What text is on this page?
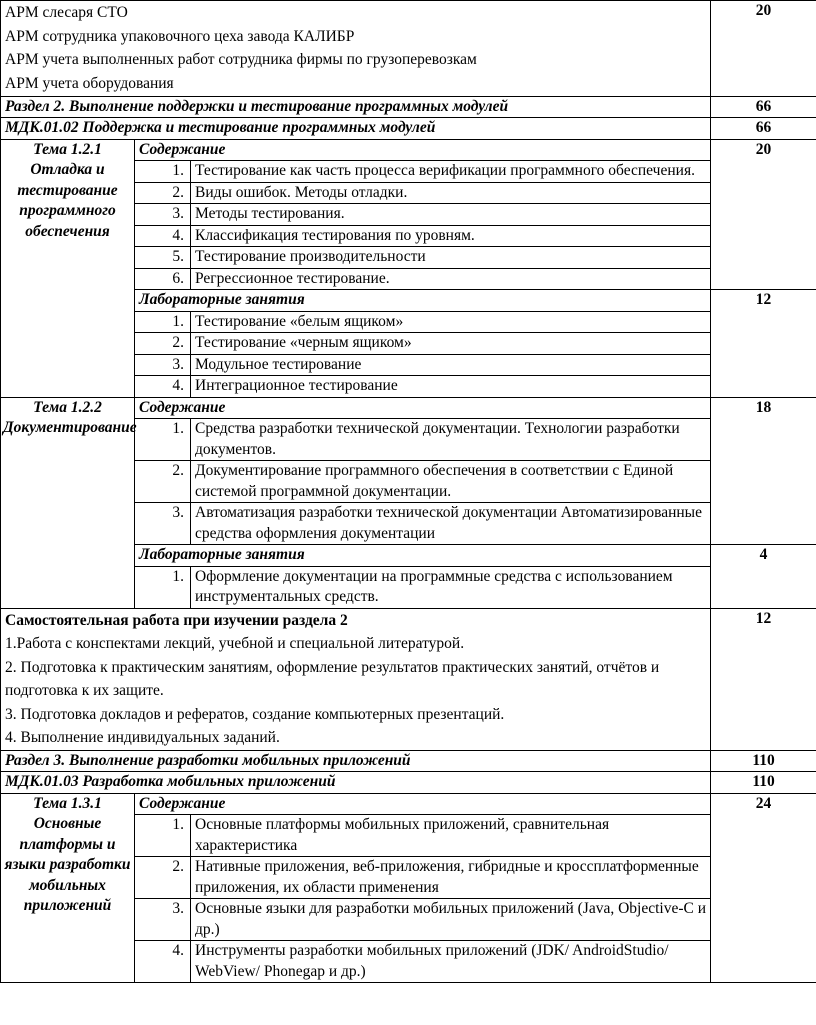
АРМ слесаря СТО
АРМ сотрудника упаковочного цеха завода КАЛИБР
АРМ учета выполненных работ сотрудника фирмы по грузоперевозкам
АРМ учета оборудования			20
Раздел 2. Выполнение поддержки и тестирование программных модулей			66
МДК.01.02 Поддержка и тестирование программных модулей			66
Тема 1.2.1 Отладка и тестирование программного обеспечения	Содержание		20
	1.	Тестирование как часть процесса верификации программного обеспечения.	
	2.	Виды ошибок. Методы отладки.	
	3.	Методы тестирования.	
	4.	Классификация тестирования по уровням.	
	5.	Тестирование производительности	
	6.	Регрессионное тестирование.	
	Лабораторные занятия		12
	1.	Тестирование «белым ящиком»	
	2.	Тестирование «черным ящиком»	
	3.	Модульное тестирование	
	4.	Интеграционное тестирование	
Тема 1.2.2 Документирование	Содержание		18
	1.	Средства разработки технической документации. Технологии разработки документов.	
	2.	Документирование программного обеспечения в соответствии с Единой системой программной документации.	
	3.	Автоматизация разработки технической документации Автоматизированные средства оформления документации	
	Лабораторные занятия		4
	1.	Оформление документации на программные средства с использованием инструментальных средств.	

Самостоятельная работа при изучении раздела 2
1.Работа с конспектами лекций, учебной и специальной литературой.
2. Подготовка к практическим занятиям, оформление результатов практических занятий, отчётов и подготовка к их защите.
3. Подготовка докладов и рефератов, создание компьютерных презентаций.
4. Выполнение индивидуальных заданий.			12
Раздел 3. Выполнение разработки мобильных приложений			110
МДК.01.03 Разработка мобильных приложений			110
Тема 1.3.1 Основные платформы и языки разработки мобильных приложений	Содержание		24
	1.	Основные платформы мобильных приложений, сравнительная характеристика	
	2.	Нативные приложения, веб-приложения, гибридные и кроссплатформенные приложения, их области применения	
	3.	Основные языки для разработки мобильных приложений (Java, Objective-C и др.)	
	4.	Инструменты разработки мобильных приложений (JDK/ AndroidStudio/ WebView/ Phonegap и др.)	
